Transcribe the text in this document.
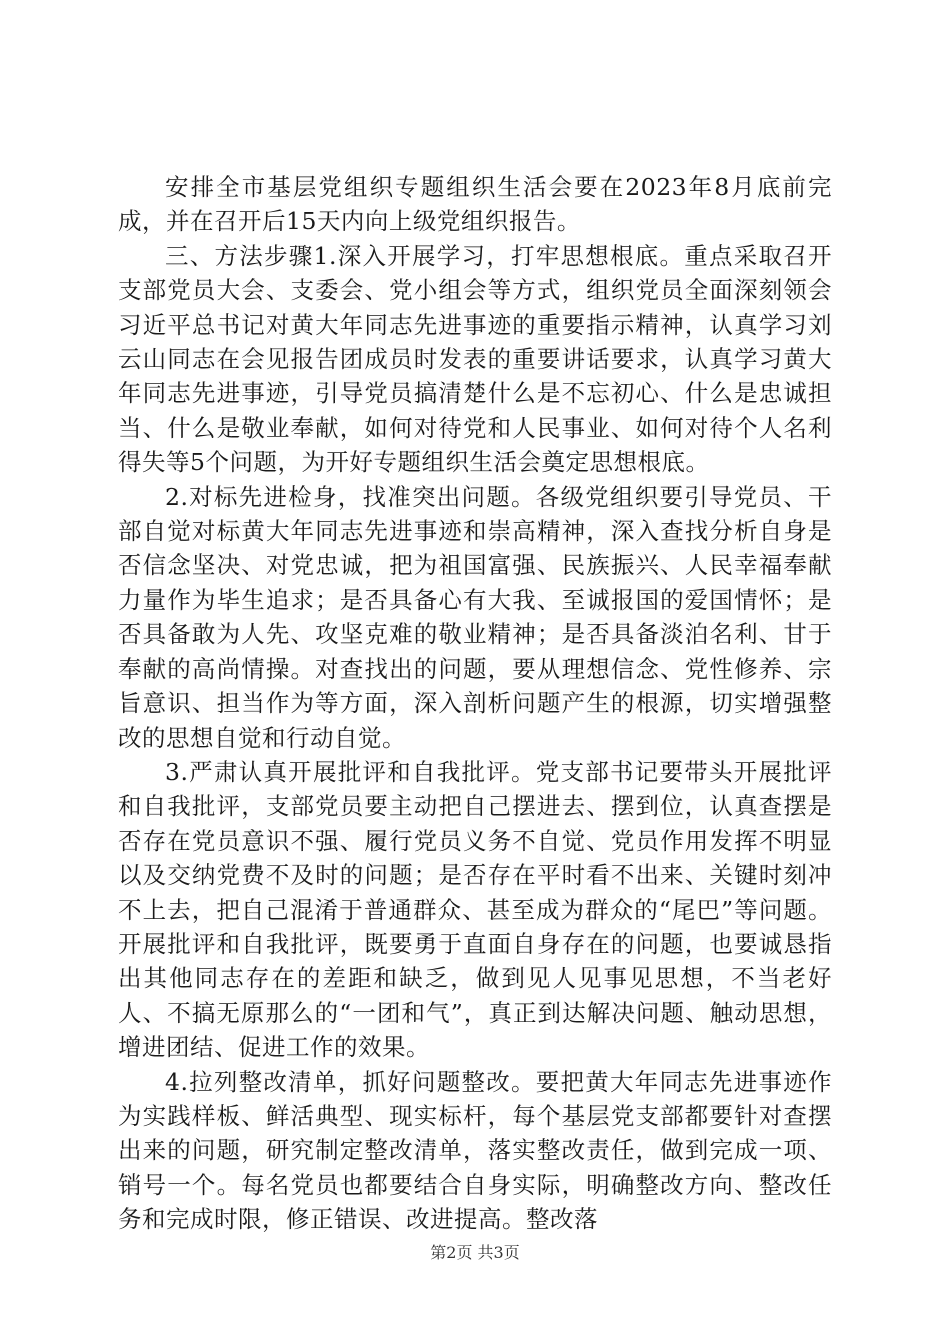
安排全市基层党组织专题组织生活会要在2023年8月底前完成，并在召开后15天内向上级党组织报告。

三、方法步骤1.深入开展学习，打牢思想根底。重点采取召开支部党员大会、支委会、党小组会等方式，组织党员全面深刻领会习近平总书记对黄大年同志先进事迹的重要指示精神，认真学习刘云山同志在会见报告团成员时发表的重要讲话要求，认真学习黄大年同志先进事迹，引导党员搞清楚什么是不忘初心、什么是忠诚担当、什么是敬业奉献，如何对待党和人民事业、如何对待个人名利得失等5个问题，为开好专题组织生活会奠定思想根底。

2.对标先进检身，找准突出问题。各级党组织要引导党员、干部自觉对标黄大年同志先进事迹和崇高精神，深入查找分析自身是否信念坚决、对党忠诚，把为祖国富强、民族振兴、人民幸福奉献力量作为毕生追求；是否具备心有大我、至诚报国的爱国情怀；是否具备敢为人先、攻坚克难的敬业精神；是否具备淡泊名利、甘于奉献的高尚情操。对查找出的问题，要从理想信念、党性修养、宗旨意识、担当作为等方面，深入剖析问题产生的根源，切实增强整改的思想自觉和行动自觉。

3.严肃认真开展批评和自我批评。党支部书记要带头开展批评和自我批评，支部党员要主动把自己摆进去、摆到位，认真查摆是否存在党员意识不强、履行党员义务不自觉、党员作用发挥不明显以及交纳党费不及时的问题；是否存在平时看不出来、关键时刻冲不上去，把自己混淆于普通群众、甚至成为群众的“尾巴”等问题。开展批评和自我批评，既要勇于直面自身存在的问题，也要诚恳指出其他同志存在的差距和缺乏，做到见人见事见思想，不当老好人、不搞无原那么的“一团和气”，真正到达解决问题、触动思想，增进团结、促进工作的效果。

4.拉列整改清单，抓好问题整改。要把黄大年同志先进事迹作为实践样板、鲜活典型、现实标杆，每个基层党支部都要针对查摆出来的问题，研究制定整改清单，落实整改责任，做到完成一项、销号一个。每名党员也都要结合自身实际，明确整改方向、整改任务和完成时限，修正错误、改进提高。整改落

第2页 共3页
